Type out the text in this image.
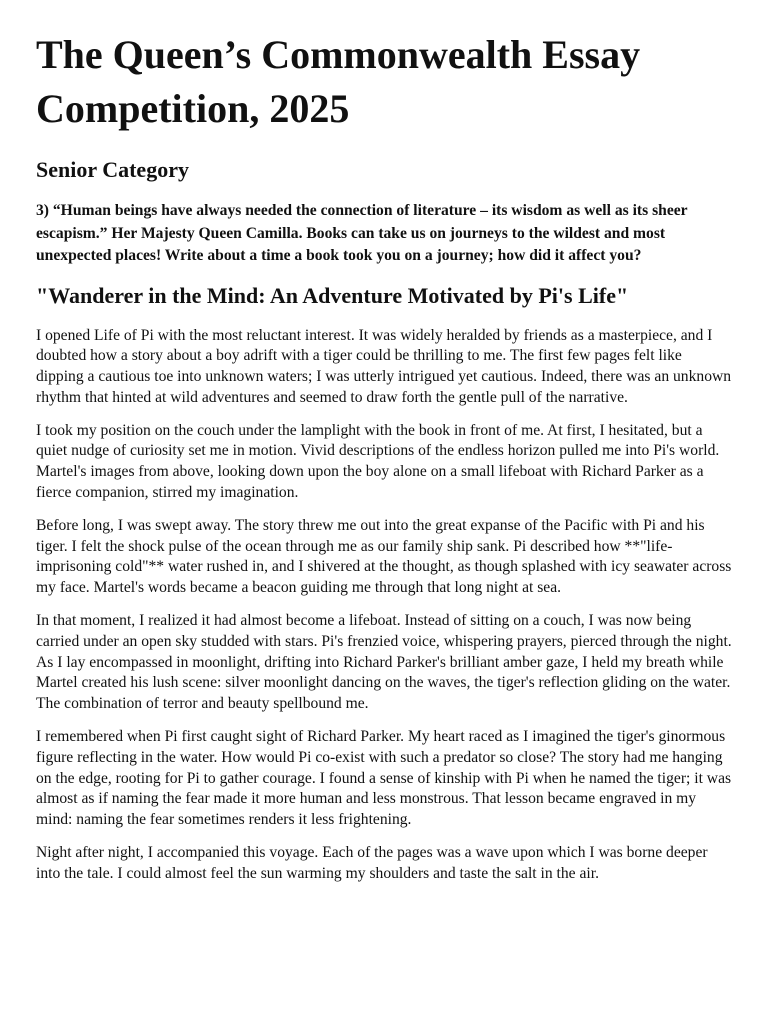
The Queen’s Commonwealth Essay Competition, 2025
Senior Category

3) “Human beings have always needed the connection of literature – its wisdom as well as its sheer escapism.” Her Majesty Queen Camilla. Books can take us on journeys to the wildest and most unexpected places! Write about a time a book took you on a journey; how did it affect you?

"Wanderer in the Mind: An Adventure Motivated by Pi's Life"

I opened Life of Pi with the most reluctant interest. It was widely heralded by friends as a masterpiece, and I doubted how a story about a boy adrift with a tiger could be thrilling to me. The first few pages felt like dipping a cautious toe into unknown waters; I was utterly intrigued yet cautious. Indeed, there was an unknown rhythm that hinted at wild adventures and seemed to draw forth the gentle pull of the narrative.

I took my position on the couch under the lamplight with the book in front of me. At first, I hesitated, but a quiet nudge of curiosity set me in motion. Vivid descriptions of the endless horizon pulled me into Pi's world. Martel's images from above, looking down upon the boy alone on a small lifeboat with Richard Parker as a fierce companion, stirred my imagination.

Before long, I was swept away. The story threw me out into the great expanse of the Pacific with Pi and his tiger. I felt the shock pulse of the ocean through me as our family ship sank. Pi described how **"life-imprisoning cold"** water rushed in, and I shivered at the thought, as though splashed with icy seawater across my face. Martel's words became a beacon guiding me through that long night at sea.

In that moment, I realized it had almost become a lifeboat. Instead of sitting on a couch, I was now being carried under an open sky studded with stars. Pi's frenzied voice, whispering prayers, pierced through the night. As I lay encompassed in moonlight, drifting into Richard Parker's brilliant amber gaze, I held my breath while Martel created his lush scene: silver moonlight dancing on the waves, the tiger's reflection gliding on the water. The combination of terror and beauty spellbound me.

I remembered when Pi first caught sight of Richard Parker. My heart raced as I imagined the tiger's ginormous figure reflecting in the water. How would Pi co-exist with such a predator so close? The story had me hanging on the edge, rooting for Pi to gather courage. I found a sense of kinship with Pi when he named the tiger; it was almost as if naming the fear made it more human and less monstrous. That lesson became engraved in my mind: naming the fear sometimes renders it less frightening.

Night after night, I accompanied this voyage. Each of the pages was a wave upon which I was borne deeper into the tale. I could almost feel the sun warming my shoulders and taste the salt in the air.
